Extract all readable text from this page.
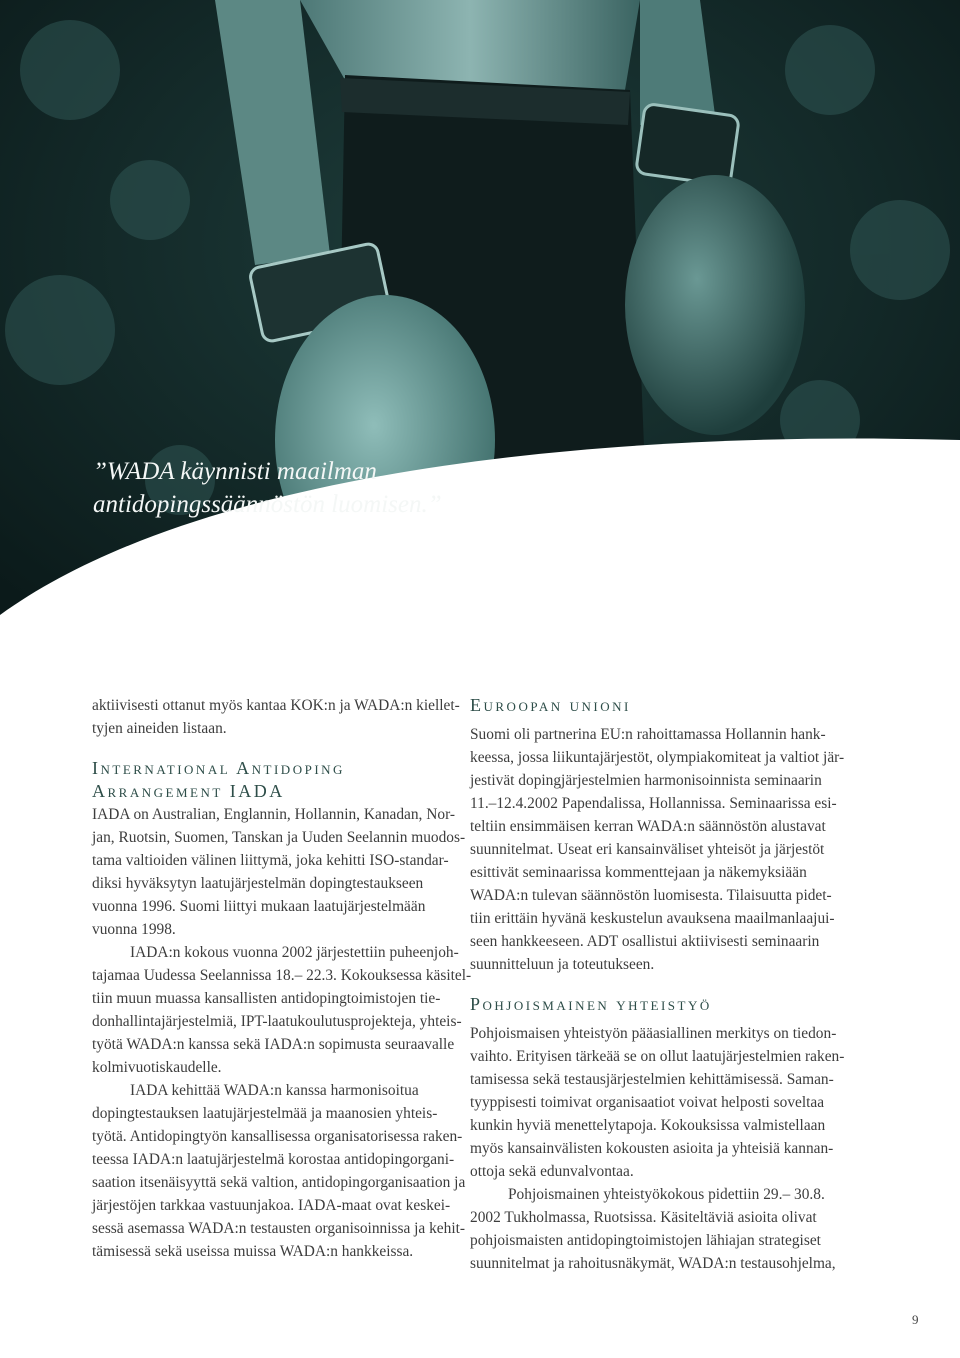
”WADA käynnisti maailman
antidopingssäännöstön luomisen.”

aktiivisesti ottanut myös kantaa KOK:n ja WADA:n kiellet-
tyjen aineiden listaan.

International Antidoping
Arrangement IADA

IADA on Australian, Englannin, Hollannin, Kanadan, Nor-
jan, Ruotsin, Suomen, Tanskan ja Uuden Seelannin muodos-
tama valtioiden välinen liittymä, joka kehitti ISO-standar-
diksi hyväksytyn laatujärjestelmän dopingtestaukseen
vuonna 1996. Suomi liittyi mukaan laatujärjestelmään
vuonna 1998.

IADA:n kokous vuonna 2002 järjestettiin puheenjoh-
tajamaa Uudessa Seelannissa 18.– 22.3. Kokouksessa käsitel-
tiin muun muassa kansallisten antidopingtoimistojen tie-
donhallintajärjestelmiä, IPT-laatukoulutusprojekteja, yhteis-
työtä WADA:n kanssa sekä IADA:n sopimusta seuraavalle
kolmivuotiskaudelle.

IADA kehittää WADA:n kanssa harmonisoitua
dopingtestauksen laatujärjestelmää ja maanosien yhteis-
työtä. Antidopingtyön kansallisessa organisatorisessa raken-
teessa IADA:n laatujärjestelmä korostaa antidopingorgani-
saation itsenäisyyttä sekä valtion, antidopingorganisaation ja
järjestöjen tarkkaa vastuunjakoa. IADA-maat ovat keskei-
sessä asemassa WADA:n testausten organisoinnissa ja kehit-
tämisessä sekä useissa muissa WADA:n hankkeissa.

Euroopan unioni

Suomi oli partnerina EU:n rahoittamassa Hollannin hank-
keessa, jossa liikuntajärjestöt, olympiakomiteat ja valtiot jär-
jestivät dopingjärjestelmien harmonisoinnista seminaarin
11.–12.4.2002 Papendalissa, Hollannissa. Seminaarissa esi-
teltiin ensimmäisen kerran WADA:n säännöstön alustavat
suunnitelmat. Useat eri kansainväliset yhteisöt ja järjestöt
esittivät seminaarissa kommenttejaan ja näkemyksiään
WADA:n tulevan säännöstön luomisesta. Tilaisuutta pidet-
tiin erittäin hyvänä keskustelun avauksena maailmanlaajui-
seen hankkeeseen. ADT osallistui aktiivisesti seminaarin
suunnitteluun ja toteutukseen.

Pohjoismainen yhteistyö

Pohjoismaisen yhteistyön pääasiallinen merkitys on tiedon-
vaihto. Erityisen tärkeää se on ollut laatujärjestelmien raken-
tamisessa sekä testausjärjestelmien kehittämisessä. Saman-
tyyppisesti toimivat organisaatiot voivat helposti soveltaa
kunkin hyviä menettelytapoja. Kokouksissa valmistellaan
myös kansainvälisten kokousten asioita ja yhteisiä kannan-
ottoja sekä edunvalvontaa.

Pohjoismainen yhteistyökokous pidettiin 29.– 30.8.
2002 Tukholmassa, Ruotsissa. Käsiteltäviä asioita olivat
pohjoismaisten antidopingtoimistojen lähiajan strategiset
suunnitelmat ja rahoitusnäkymät, WADA:n testausohjelma,

9
